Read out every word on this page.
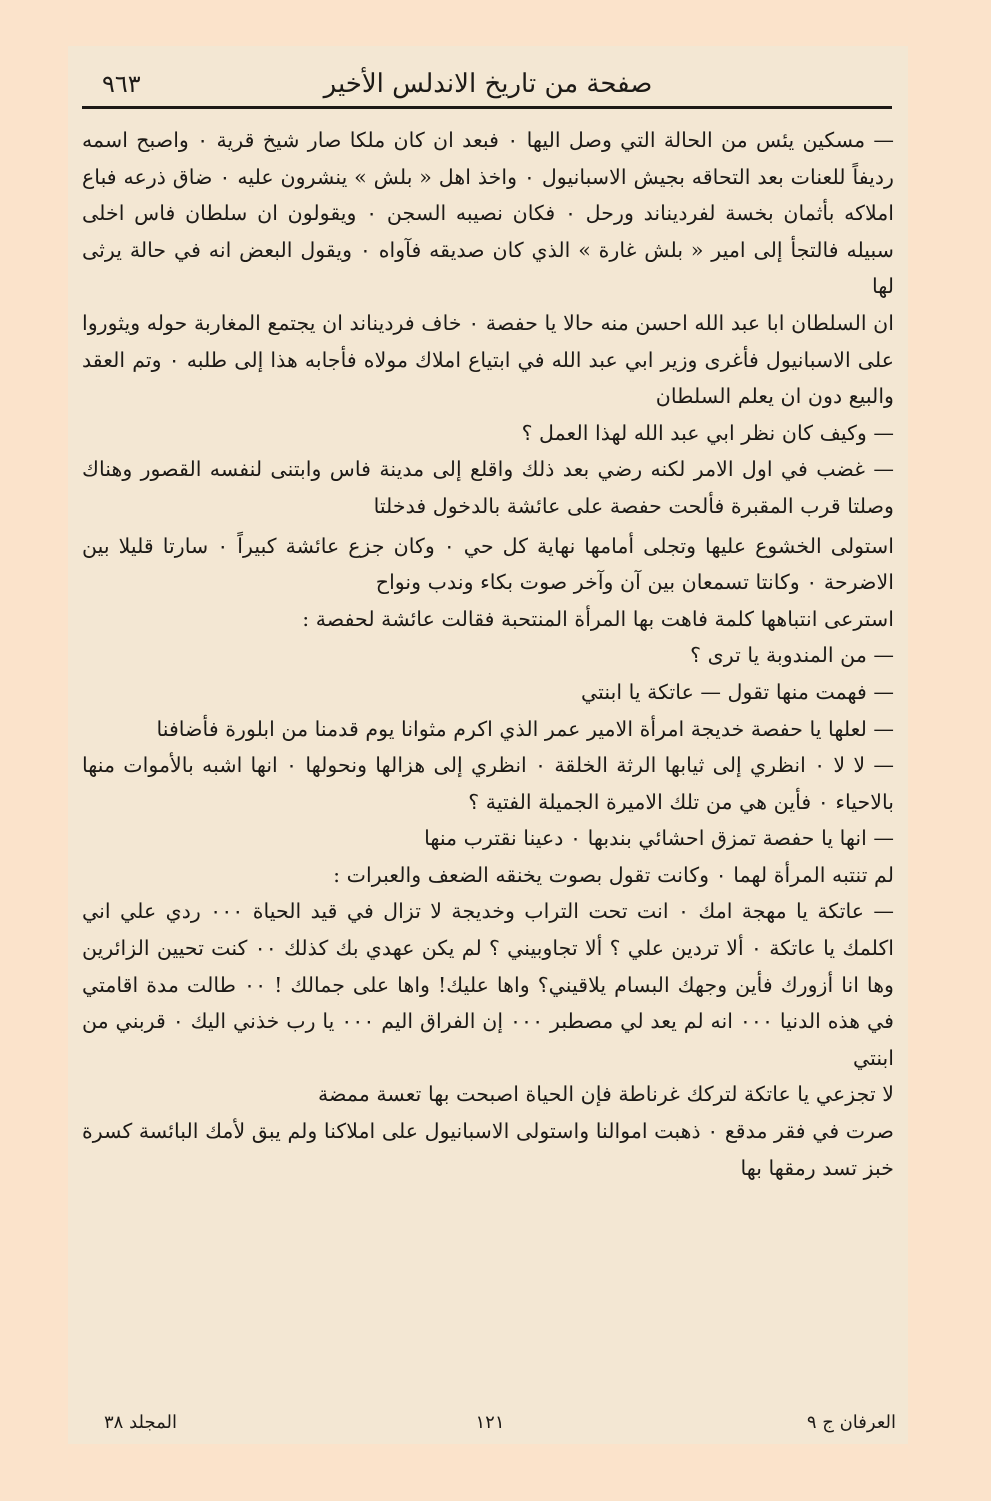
صفحة من تاريخ الاندلس الأخير
٩٦٣

— مسكين يئس من الحالة التي وصل اليها ٠ فبعد ان كان ملكا صار شيخ قرية ٠ واصبح اسمه رديفاً للعنات بعد التحاقه بجيش الاسبانيول ٠ واخذ اهل « بلش » ينشرون عليه ٠ ضاق ذرعه فباع املاكه بأثمان بخسة لفرديناند ورحل ٠ فكان نصيبه السجن ٠ ويقولون ان سلطان فاس اخلى سبيله فالتجأ إلى امير « بلش غارة » الذي كان صديقه فآواه ٠ ويقول البعض انه في حالة يرثى لها

ان السلطان ابا عبد الله احسن منه حالا يا حفصة ٠ خاف فرديناند ان يجتمع المغاربة حوله ويثوروا على الاسبانيول فأغرى وزير ابي عبد الله في ابتياع املاك مولاه فأجابه هذا إلى طلبه ٠ وتم العقد والبيع دون ان يعلم السلطان

— وكيف كان نظر ابي عبد الله لهذا العمل ؟

— غضب في اول الامر لكنه رضي بعد ذلك واقلع إلى مدينة فاس وابتنى لنفسه القصور وهناك وصلتا قرب المقبرة فألحت حفصة على عائشة بالدخول فدخلتا

استولى الخشوع عليها وتجلى أمامها نهاية كل حي ٠ وكان جزع عائشة كبيراً ٠ سارتا قليلا بين الاضرحة ٠ وكانتا تسمعان بين آن وآخر صوت بكاء وندب ونواح

استرعى انتباهها كلمة فاهت بها المرأة المنتحبة فقالت عائشة لحفصة :

— من المندوبة يا ترى ؟

— فهمت منها تقول — عاتكة يا ابنتي

— لعلها يا حفصة خديجة امرأة الامير عمر الذي اكرم مثوانا يوم قدمنا من ابلورة فأضافنا

— لا لا ٠ انظري إلى ثيابها الرثة الخلقة ٠ انظري إلى هزالها ونحولها ٠ انها اشبه بالأموات منها بالاحياء ٠ فأين هي من تلك الاميرة الجميلة الفتية ؟

— انها يا حفصة تمزق احشائي بندبها ٠ دعينا نقترب منها

لم تنتبه المرأة لهما ٠ وكانت تقول بصوت يخنقه الضعف والعبرات :

— عاتكة يا مهجة امك ٠ انت تحت التراب وخديجة لا تزال في قيد الحياة ٠٠٠ ردي علي اني اكلمك يا عاتكة ٠ ألا تردين علي ؟ ألا تجاوبيني ؟ لم يكن عهدي بك كذلك ٠٠ كنت تحيين الزائرين وها انا أزورك فأين وجهك البسام يلاقيني؟ واها عليك! واها على جمالك ! ٠٠ طالت مدة اقامتي في هذه الدنيا ٠٠٠ انه لم يعد لي مصطبر ٠٠٠ إن الفراق اليم ٠٠٠ يا رب خذني اليك ٠ قربني من ابنتي

لا تجزعي يا عاتكة لتركك غرناطة فإن الحياة اصبحت بها تعسة ممضة

صرت في فقر مدقع ٠ ذهبت اموالنا واستولى الاسبانيول على املاكنا ولم يبق لأمك البائسة كسرة خبز تسد رمقها بها

العرفان ج ٩
١٢١
المجلد ٣٨
